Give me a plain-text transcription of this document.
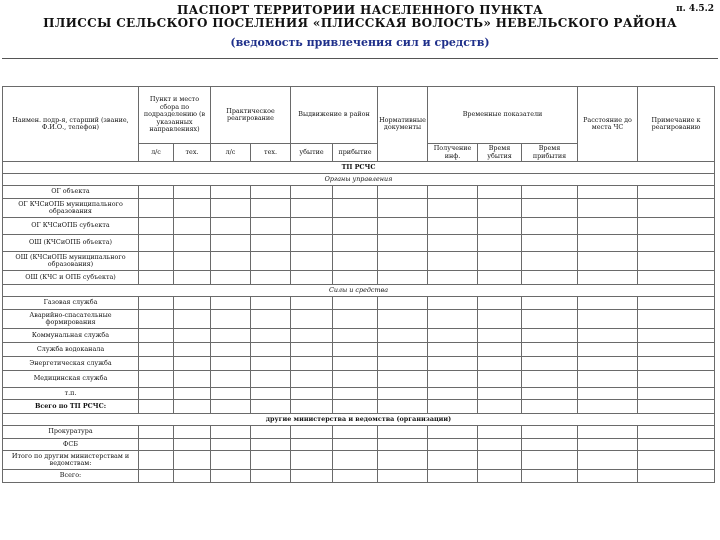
ПАСПОРТ ТЕРРИТОРИИ НАСЕЛЕННОГО ПУНКТА
ПЛИССЫ СЕЛЬСКОГО ПОСЕЛЕНИЯ «ПЛИССКАЯ ВОЛОСТЬ» НЕВЕЛЬСКОГО РАЙОНА
(ведомость привлечения сил и средств)
п. 4.5.2
Наимен. подр-я, старший (звание, Ф.И.О., телефон)	Пункт и место сбора по подразделению (в указанных направлениях)		Практическое реагирование		Выдвижение в район		Нормативные документы	Временные показатели			Расстояние до места ЧС	Примечание к реагированию
	л/с	тех.	л/с	тех.	убытие	прибытие		Получение инф.	Время убытия	Время прибытия		
ТП РСЧС												
Органы управления												
ОГ объекта												
ОГ КЧСиОПБ муниципального образования												
ОГ КЧСиОПБ субъекта												
ОШ (КЧСиОПБ объекта)												
ОШ (КЧСиОПБ муниципального образования)												
ОШ (КЧС и ОПБ субъекта)												
Силы и средства												
Газовая служба												
Аварийно-спасательные формирования												
Коммунальная служба												
Служба водоканала												
Энергетическая служба												
Медицинская служба												
т.п.												
Всего по ТП РСЧС:												
другие министерства и ведомства (организации)												
Прокуратура												
ФСБ												
Итого по другим министерствам и ведомствам:												
Всего:												
